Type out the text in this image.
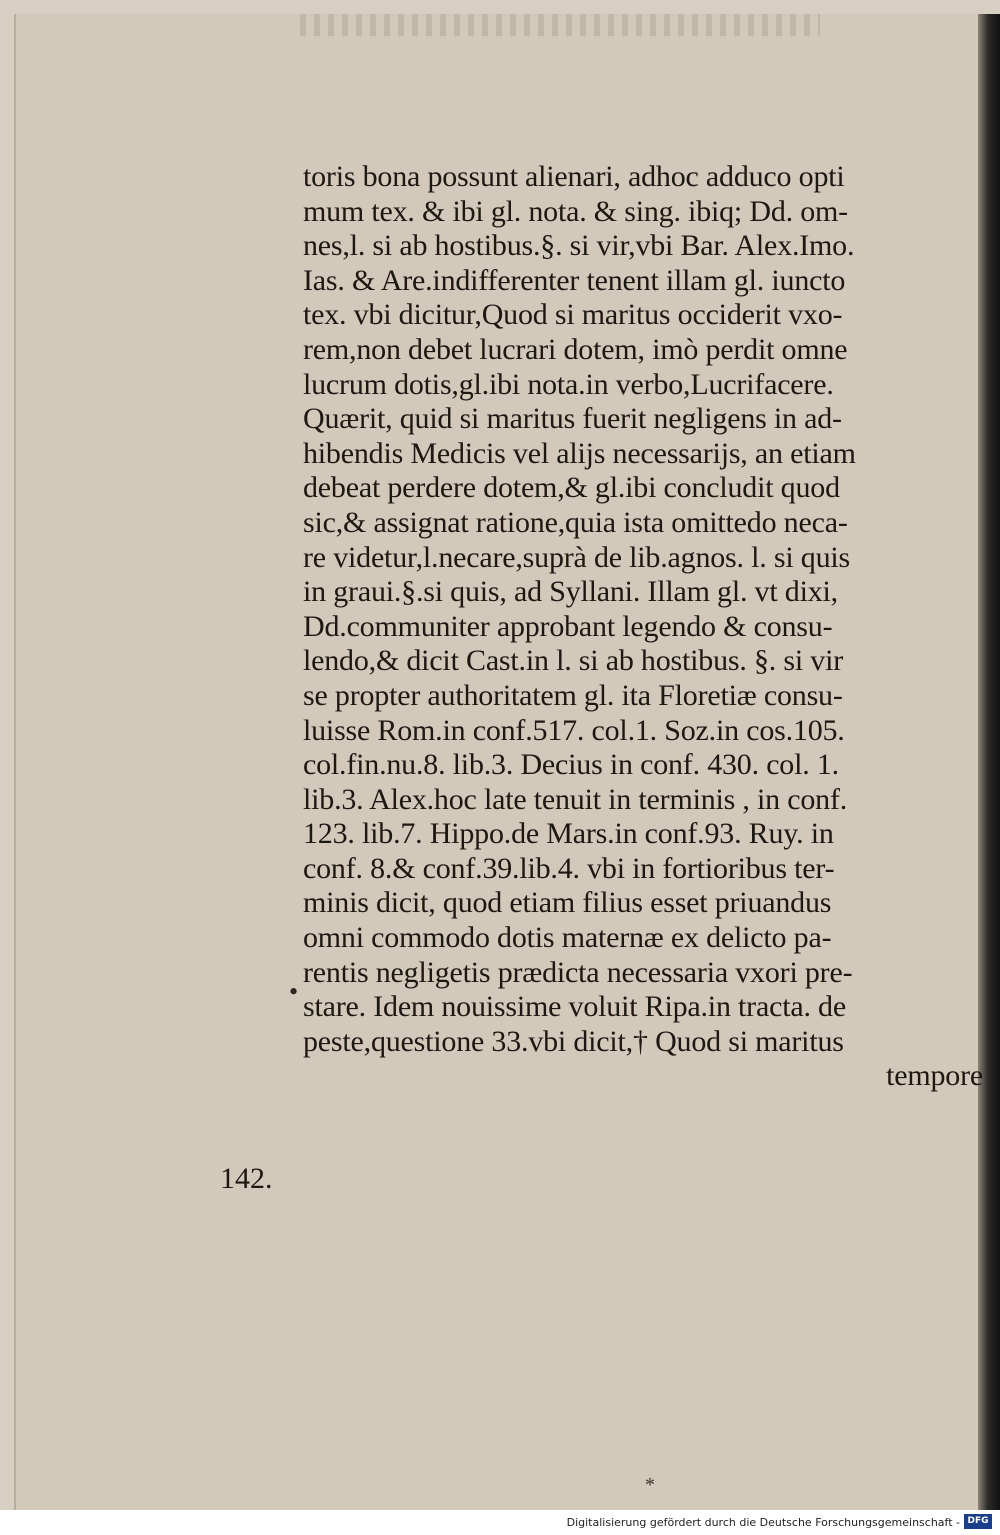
toris bona possunt alienari, adhoc adduco opti
mum tex. & ibi gl. nota. & sing. ibiq; Dd. om-
nes,l. si ab hostibus.§. si vir,vbi Bar. Alex.Imo.
Ias. & Are.indifferenter tenent illam gl. iuncto
tex. vbi dicitur,Quod si maritus occiderit vxo-
rem,non debet lucrari dotem, imò perdit omne
lucrum dotis,gl.ibi nota.in verbo,Lucrifacere.
Quærit, quid si maritus fuerit negligens in ad-
hibendis Medicis vel alijs necessarijs, an etiam
debeat perdere dotem,& gl.ibi concludit quod
sic,& assignat ratione,quia ista omittedo neca-
re videtur,l.necare,suprà de lib.agnos. l. si quis
in graui.§.si quis, ad Syllani. Illam gl. vt dixi,
Dd.communiter approbant legendo & consu-
lendo,& dicit Cast.in l. si ab hostibus. §. si vir
se propter authoritatem gl. ita Floretiæ consu-
luisse Rom.in conf.517. col.1. Soz.in cos.105.
col.fin.nu.8. lib.3. Decius in conf. 430. col. 1.
lib.3. Alex.hoc late tenuit in terminis , in conf.
123. lib.7. Hippo.de Mars.in conf.93. Ruy. in
conf. 8.& conf.39.lib.4. vbi in fortioribus ter-
minis dicit, quod etiam filius esset priuandus
omni commodo dotis maternæ ex delicto pa-
rentis negligetis prædicta necessaria vxori pre-
stare. Idem nouissime voluit Ripa.in tracta. de
peste,questione 33.vbi dicit,† Quod si maritus
tempore
•
142.
*
Digitalisierung gefördert durch die Deutsche Forschungsgemeinschaft - DFG
